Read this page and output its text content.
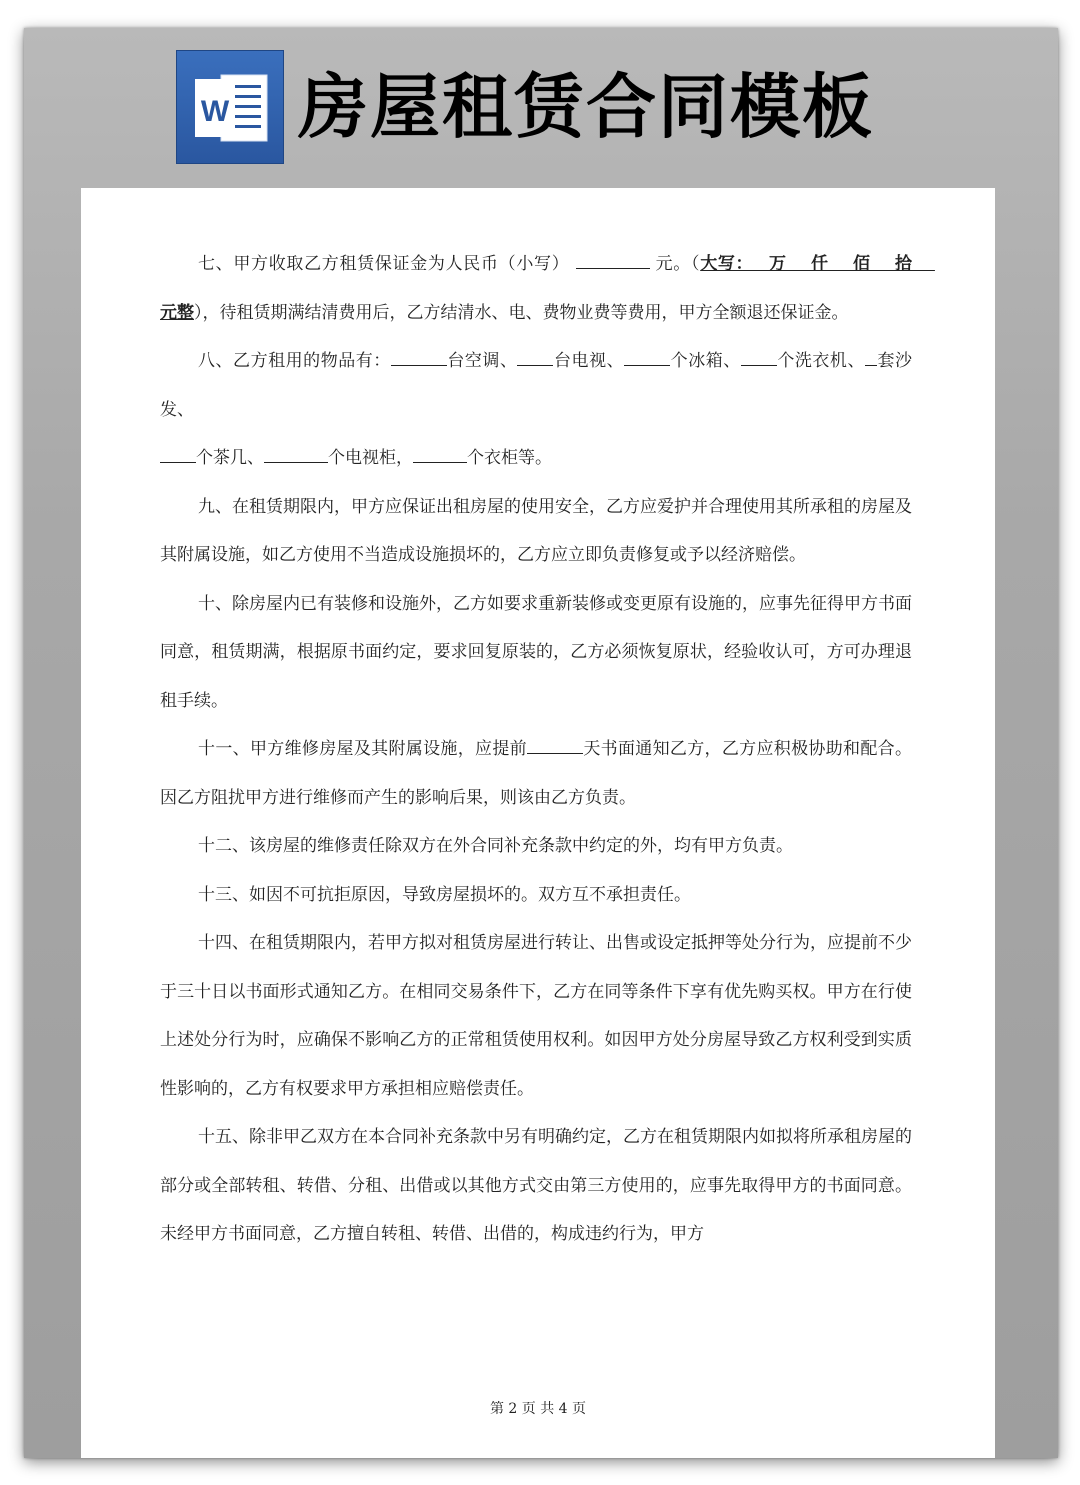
W 房屋租赁合同模板

七、甲方收取乙方租赁保证金为人民币（小写）	元。（大写：　 万　 仟　 佰　 拾　 元整），待租赁期满结清费用后，乙方结清水、电、费物业费等费用，甲方全额退还保证金。

八、乙方租用的物品有：	台空调、 台电视、	个冰箱、 个洗衣机、 套沙发、

个茶几、	个电视柜，	个衣柜等。

九、在租赁期限内，甲方应保证出租房屋的使用安全，乙方应爱护并合理使用其所承租的房屋及其附属设施，如乙方使用不当造成设施损坏的，乙方应立即负责修复或予以经济赔偿。

十、除房屋内已有装修和设施外，乙方如要求重新装修或变更原有设施的，应事先征得甲方书面同意，租赁期满，根据原书面约定，要求回复原装的，乙方必须恢复原状，经验收认可，方可办理退租手续。

十一、甲方维修房屋及其附属设施，应提前	天书面通知乙方，乙方应积极协助和配合。因乙方阻扰甲方进行维修而产生的影响后果，则该由乙方负责。

十二、该房屋的维修责任除双方在外合同补充条款中约定的外，均有甲方负责。

十三、如因不可抗拒原因，导致房屋损坏的。双方互不承担责任。

十四、在租赁期限内，若甲方拟对租赁房屋进行转让、出售或设定抵押等处分行为，应提前不少于三十日以书面形式通知乙方。在相同交易条件下，乙方在同等条件下享有优先购买权。甲方在行使上述处分行为时，应确保不影响乙方的正常租赁使用权利。如因甲方处分房屋导致乙方权利受到实质性影响的，乙方有权要求甲方承担相应赔偿责任。

十五、除非甲乙双方在本合同补充条款中另有明确约定，乙方在租赁期限内如拟将所承租房屋的部分或全部转租、转借、分租、出借或以其他方式交由第三方使用的，应事先取得甲方的书面同意。未经甲方书面同意，乙方擅自转租、转借、出借的，构成违约行为，甲方

第 2 页 共 4 页
